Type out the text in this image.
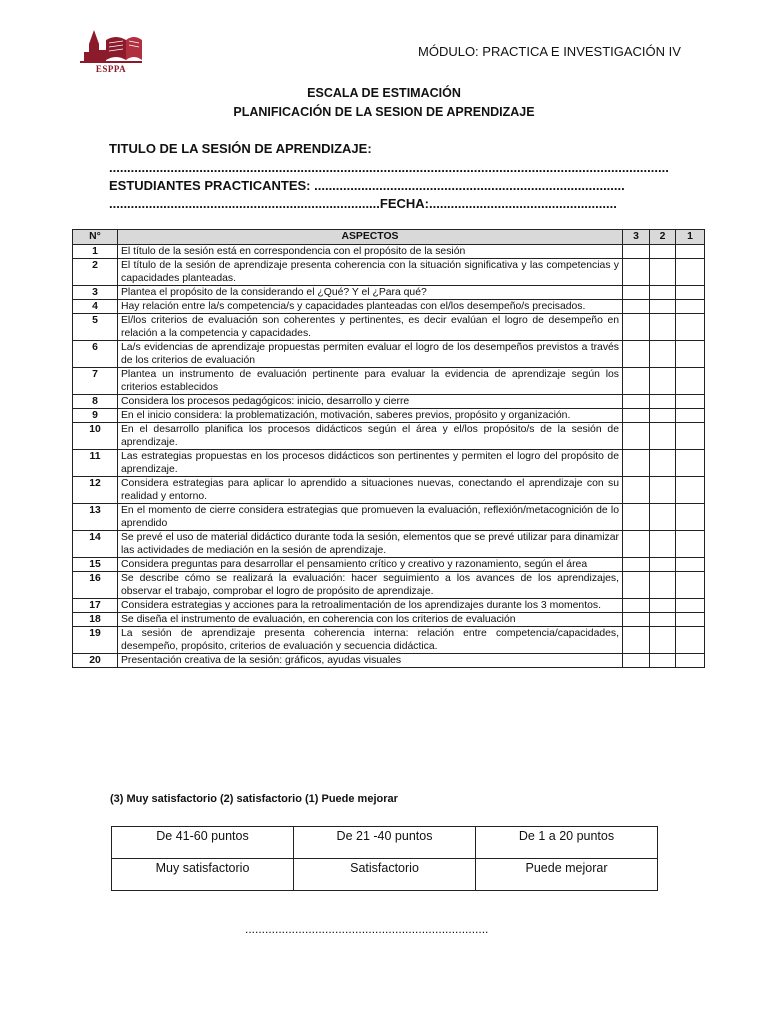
ESPPA
MÓDULO: PRACTICA E INVESTIGACIÓN IV
ESCALA DE ESTIMACIÓN
PLANIFICACIÓN DE LA SESION DE APRENDIZAJE
TITULO DE LA SESIÓN DE APRENDIZAJE:
...........................................................................................................................................................
ESTUDIANTES PRACTICANTES: ......................................................................................
...........................................................................FECHA:....................................................
N°	ASPECTOS	3	2	1
1	El título de la sesión está en correspondencia con el propósito de la sesión			
2	El título de la sesión de aprendizaje presenta coherencia con la situación significativa y las competencias y capacidades planteadas.			
3	Plantea el propósito de la considerando el ¿Qué? Y el ¿Para qué?			
4	Hay relación entre la/s competencia/s y capacidades planteadas con el/los desempeño/s precisados.			
5	El/los criterios de evaluación son coherentes y pertinentes, es decir evalúan el logro de desempeño en relación a la competencia y capacidades.			
6	La/s evidencias de aprendizaje propuestas permiten evaluar el logro de los desempeños previstos a través de los criterios de evaluación			
7	Plantea un instrumento de evaluación pertinente para evaluar la evidencia de aprendizaje según los criterios establecidos			
8	Considera los procesos pedagógicos: inicio, desarrollo y cierre			
9	En el inicio considera: la problematización, motivación, saberes previos, propósito y organización.			
10	En el desarrollo planifica los procesos didácticos según el área y el/los propósito/s de la sesión de aprendizaje.			
11	Las estrategias propuestas en los procesos didácticos son pertinentes y permiten el logro del propósito de aprendizaje.			
12	Considera estrategias para aplicar lo aprendido a situaciones nuevas, conectando el aprendizaje con su realidad y entorno.			
13	En el momento de cierre considera estrategias que promueven la evaluación, reflexión/metacognición de lo aprendido			
14	Se prevé el uso de material didáctico durante toda la sesión, elementos que se prevé utilizar para dinamizar las actividades de mediación en la sesión de aprendizaje.			
15	Considera preguntas para desarrollar el pensamiento crítico y creativo y razonamiento, según el área			
16	Se describe cómo se realizará la evaluación: hacer seguimiento a los avances de los aprendizajes, observar el trabajo, comprobar el logro de propósito de aprendizaje.			
17	Considera estrategias y acciones para la retroalimentación de los aprendizajes durante los 3 momentos.			
18	Se diseña el instrumento de evaluación, en coherencia con los criterios de evaluación			
19	La sesión de aprendizaje presenta coherencia interna: relación entre competencia/capacidades, desempeño, propósito, criterios de evaluación y secuencia didáctica.			
20	Presentación creativa de la sesión: gráficos, ayudas visuales			
(3) Muy satisfactorio (2) satisfactorio (1) Puede mejorar
De 41-60 puntos	De 21 -40 puntos	De 1 a 20 puntos
Muy satisfactorio	Satisfactorio	Puede mejorar
.........................................................................
